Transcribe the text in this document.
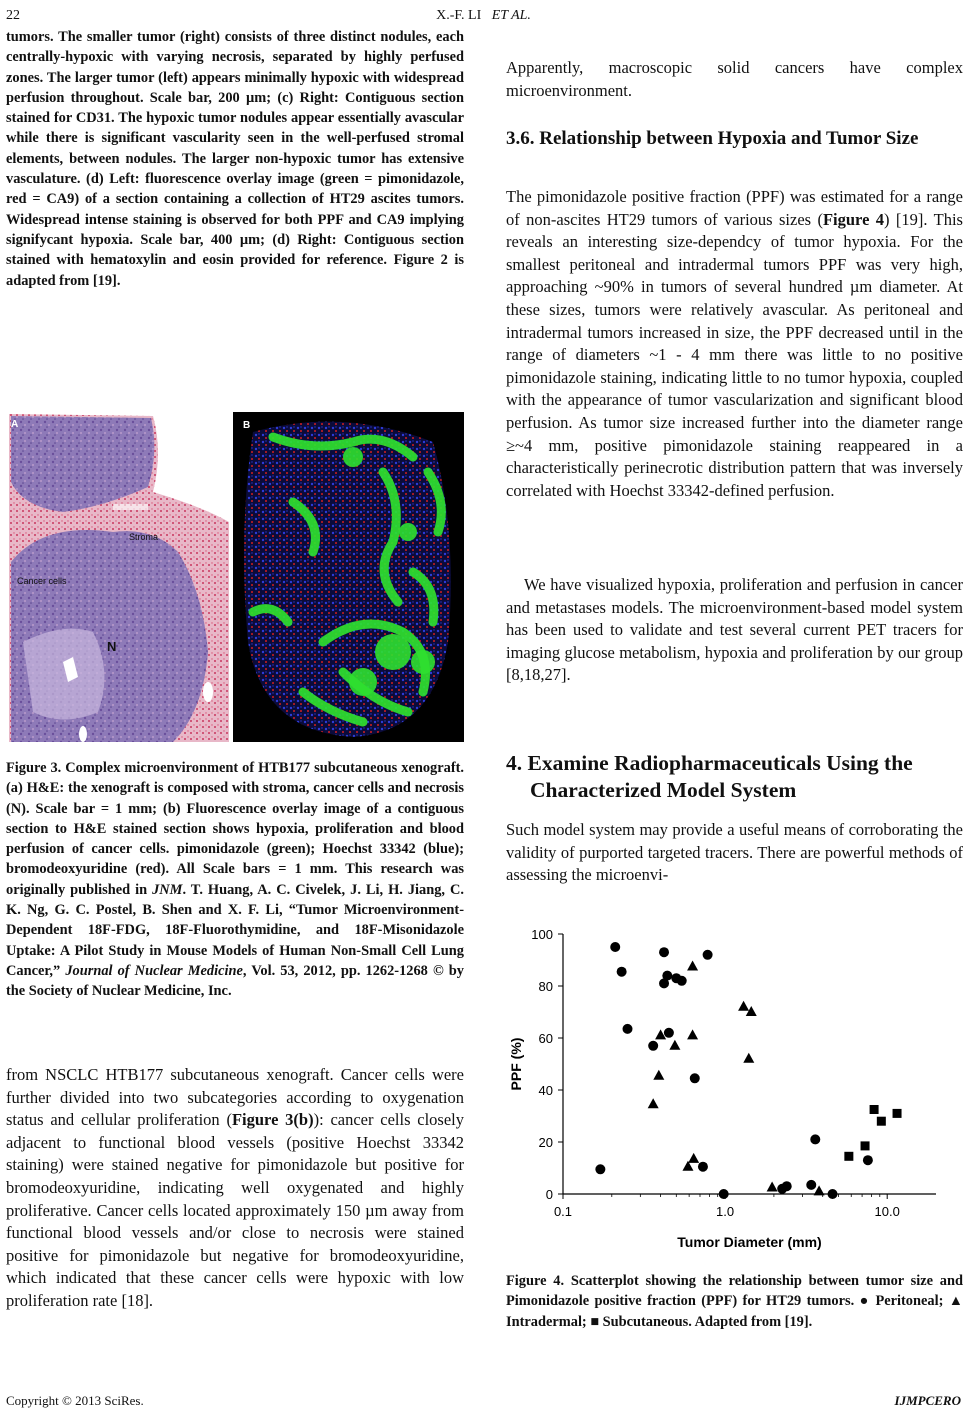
22	X.-F. LI ET AL.

tumors. The smaller tumor (right) consists of three distinct nodules, each centrally-hypoxic with varying necrosis, separated by highly perfused zones. The larger tumor (left) appears minimally hypoxic with widespread perfusion throughout. Scale bar, 200 µm; (c) Right: Contiguous section stained for CD31. The hypoxic tumor nodules appear essentially avascular while there is significant vascularity seen in the well-perfused stromal elements, between nodules. The larger non-hypoxic tumor has extensive vasculature. (d) Left: fluorescence overlay image (green = pimonidazole, red = CA9) of a section containing a collection of HT29 ascites tumors. Widespread intense staining is observed for both PPF and CA9 implying signifycant hypoxia. Scale bar, 400 µm; (d) Right: Contiguous section stained with hematoxylin and eosin provided for reference. Figure 2 is adapted from [19].

A
Stroma
Cancer cells
N
B

Figure 3. Complex microenvironment of HTB177 subcutaneous xenograft. (a) H&E: the xenograft is composed with stroma, cancer cells and necrosis (N). Scale bar = 1 mm; (b) Fluorescence overlay image of a contiguous section to H&E stained section shows hypoxia, proliferation and blood perfusion of cancer cells. pimonidazole (green); Hoechst 33342 (blue); bromodeoxyuridine (red). All Scale bars = 1 mm. This research was originally published in JNM. T. Huang, A. C. Civelek, J. Li, H. Jiang, C. K. Ng, G. C. Postel, B. Shen and X. F. Li, “Tumor Microenvironment-Dependent 18F-FDG, 18F-Fluorothymidine, and 18F-Misonidazole Uptake: A Pilot Study in Mouse Models of Human Non-Small Cell Lung Cancer,” Journal of Nuclear Medicine, Vol. 53, 2012, pp. 1262-1268 © by the Society of Nuclear Medicine, Inc.

from NSCLC HTB177 subcutaneous xenograft. Cancer cells were further divided into two subcategories according to oxygenation status and cellular proliferation (Figure 3(b)): cancer cells closely adjacent to functional blood vessels (positive Hoechst 33342 staining) were stained negative for pimonidazole but positive for bromodeoxyuridine, indicating well oxygenated and highly proliferative. Cancer cells located approximately 150 µm away from functional blood vessels and/or close to necrosis were stained positive for pimonidazole but negative for bromodeoxyuridine, which indicated that these cancer cells were hypoxic with low proliferation rate [18].

Apparently, macroscopic solid cancers have complex microenvironment.

3.6. Relationship between Hypoxia and Tumor Size

The pimonidazole positive fraction (PPF) was estimated for a range of non-ascites HT29 tumors of various sizes (Figure 4) [19]. This reveals an interesting size-dependcy of tumor hypoxia. For the smallest peritoneal and intradermal tumors PPF was very high, approaching ~90% in tumors of several hundred µm diameter. At these sizes, tumors were relatively avascular. As peritoneal and intradermal tumors increased in size, the PPF decreased until in the range of diameters ~1 - 4 mm there was little to no positive pimonidazole staining, indicating little to no tumor hypoxia, coupled with the appearance of tumor vascularization and significant blood perfusion. As tumor size increased further into the diameter range ≥~4 mm, positive pimonidazole staining reappeared in a characteristically perinecrotic distribution pattern that was inversely correlated with Hoechst 33342-defined perfusion.

We have visualized hypoxia, proliferation and perfusion in cancer and metastases models. The microenvironment-based model system has been used to validate and test several current PET tracers for imaging glucose metabolism, hypoxia and proliferation by our group [8,18,27].

4. Examine Radiopharmaceuticals Using the Characterized Model System

Such model system may provide a useful means of corroborating the validity of purported targeted tracers. There are powerful methods of assessing the microenvi-

0
20
40
60
80
100
0.1	1.0	10.0
Tumor Diameter (mm)
PPF (%)

Figure 4. Scatterplot showing the relationship between tumor size and Pimonidazole positive fraction (PPF) for HT29 tumors. ● Peritoneal; ▲ Intradermal; ■ Subcutaneous. Adapted from [19].

Copyright © 2013 SciRes.	IJMPCERO
